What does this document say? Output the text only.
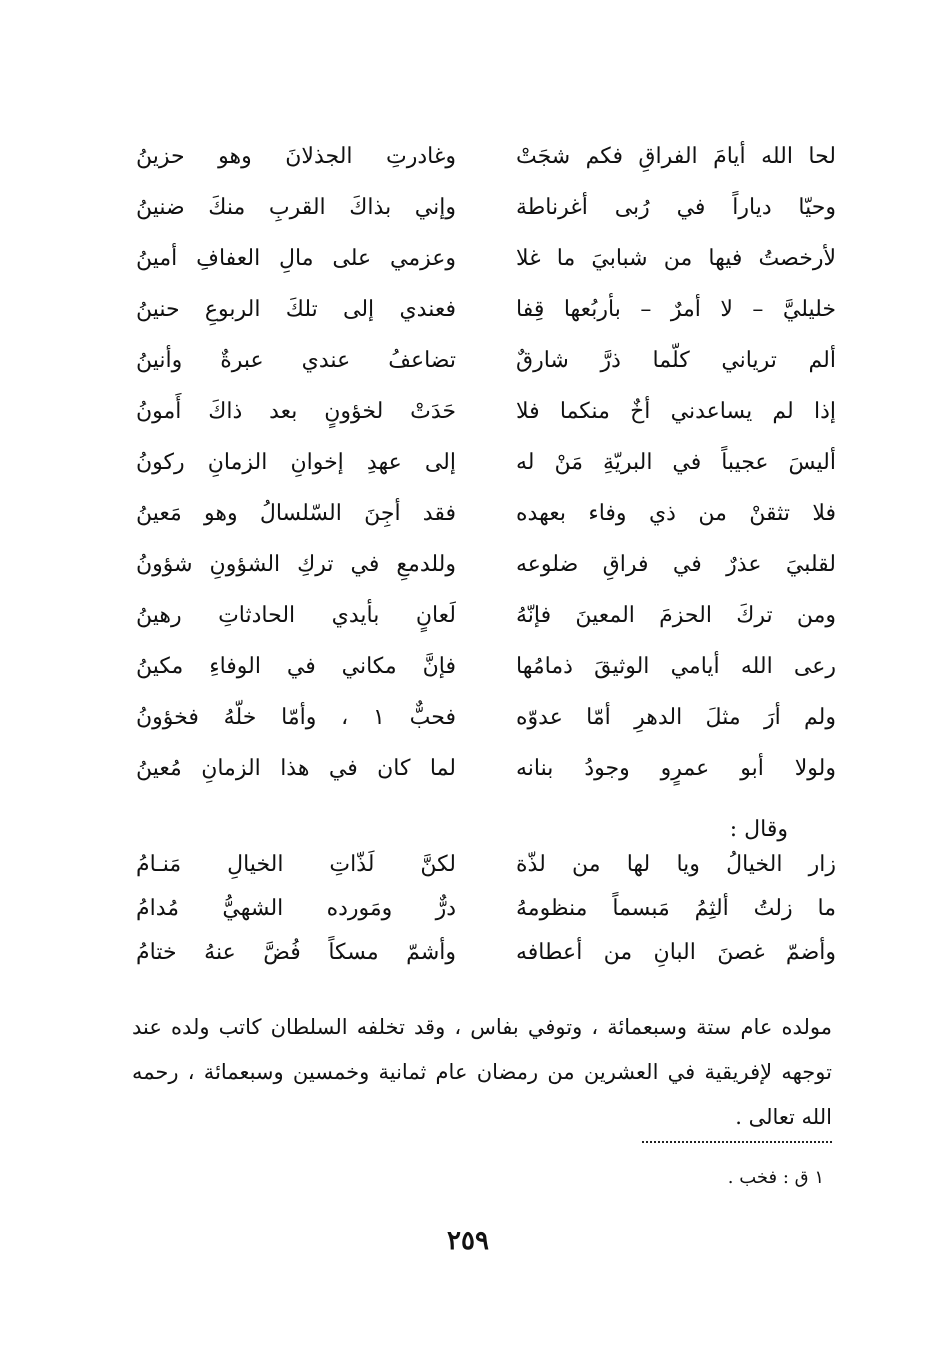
لحا الله أيامَ الفراقِ فكم شجَتْ
وغادرتِ الجذلانَ وهو حزينُ
وحيّا دياراً في رُبى أغرناطة
وإني بذاكَ القربِ منكَ ضنينُ
لأرخصتُ فيها من شبابيَ ما غلا
وعزمي على مالِ العفافِ أمينُ
خليليَّ – لا أمرٌ – بأربُعها قِفا
فعندي إلى تلكَ الربوعِ حنينُ
ألم ترياني كلّما ذرَّ شارقٌ
تضاعفُ عندي عبرةٌ وأنينُ
إذا لم يساعدني أخٌ منكما فلا
حَدَتْ لخؤونٍ بعد ذاكَ أَمونُ
أليسَ عجيباً في البريّةِ مَنْ له
إلى عهدِ إخوانِ الزمانِ ركونُ
فلا تثقنْ من ذي وفاء بعهده
فقد أجِنَ السّلسالُ وهو مَعينُ
لقلبيَ عذرٌ في فراقِ ضلوعه
وللدمعِ في تركِ الشؤونِ شؤونُ
ومن تركَ الحزمَ المعينَ فإنّهُ
لَعانٍ بأيدي الحادثاتِ رهينُ
رعى الله أيامي الوثيقَ ذمامُها
فإنَّ مكاني في الوفاءِ مكينُ
ولم أرَ مثلَ الدهرِ أمّا عدوّه
فحبٌّ ١ ، وأمّا خلّهُ فخؤونُ
ولولا أبو عمرٍو وجودُ بنانه
لما كان في هذا الزمانِ مُعينُ
وقال :
زار الخيالُ ويا لها من لذّة
لكنَّ لَذّاتِ الخيالِ مَنـامُ
ما زلتُ ألثِمُ مَبسماً منظومهُ
درٌّ ومَورده الشهيُّ مُدامُ
وأضمّ غصنَ البانِ من أعطافه
وأشمّ مسكاً فُضَّ عنهُ ختامُ
مولده عام ستة وسبعمائة ، وتوفي بفاس ، وقد تخلفه السلطان كاتب ولده عند توجهه لإفريقية في العشرين من رمضان عام ثمانية وخمسين وسبعمائة ، رحمه الله تعالى .
١ ق : فخب .
٢٥٩
